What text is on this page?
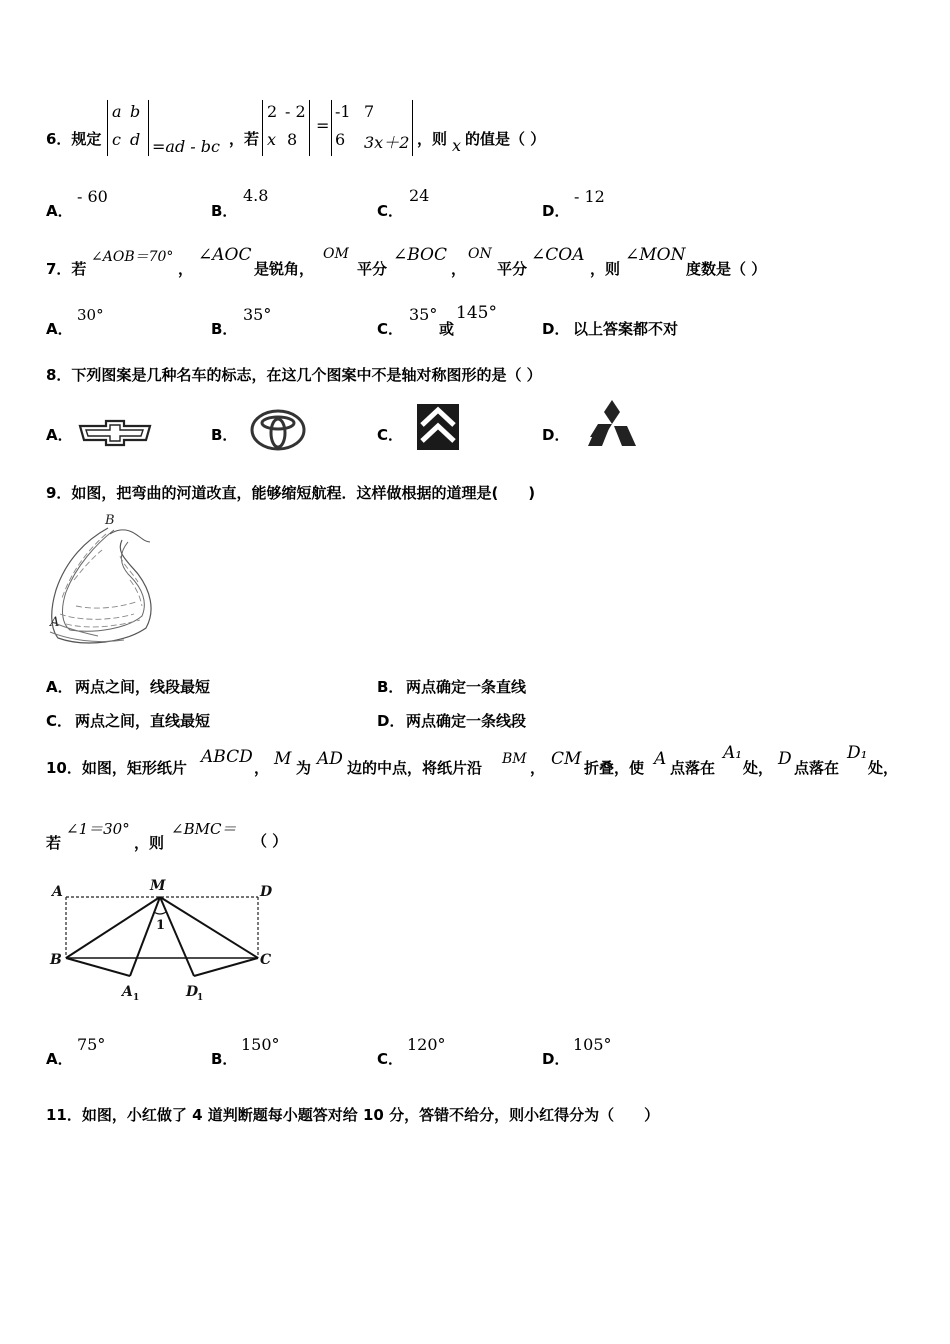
6．规定
a b
c d =ad - bc ，若
2 - 2
x 8
=
-1 7
6 3x＋2 ，则 x 的值是（ ）
A．
- 60
B．
4.8
C．
24
D．
- 12
7．若
∠AOB＝70°
，
∠AOC
是锐角，
OM
平分
∠BOC
，
ON
平分
∠COA
，则
∠MON
度数是（ ）
A．
30°
B．
35°
C．
35°
或
145°
D． 以上答案都不对
8．下列图案是几种名车的标志，在这几个图案中不是轴对称图形的是（ ）
A．	B．	C．	D．
9．如图，把弯曲的河道改直，能够缩短航程．这样做根据的道理是(　　)
B
A
A． 两点之间，线段最短	B． 两点确定一条直线
C． 两点之间，直线最短	D． 两点确定一条线段
10．如图，矩形纸片
ABCD
， M 为 AD 边的中点，将纸片沿 BM ， CM 折叠，使 A 点落在
A₁
处， D 点落在
D₁
处，
若
∠1＝30°
，则
∠BMC＝
（ ）
A	M	D
B	C
A 1	D
1
1
A．
75°
B．
150°
C．
120°
D．
105°
11．如图，小红做了 4 道判断题每小题答对给 10 分，答错不给分，则小红得分为（　　）
